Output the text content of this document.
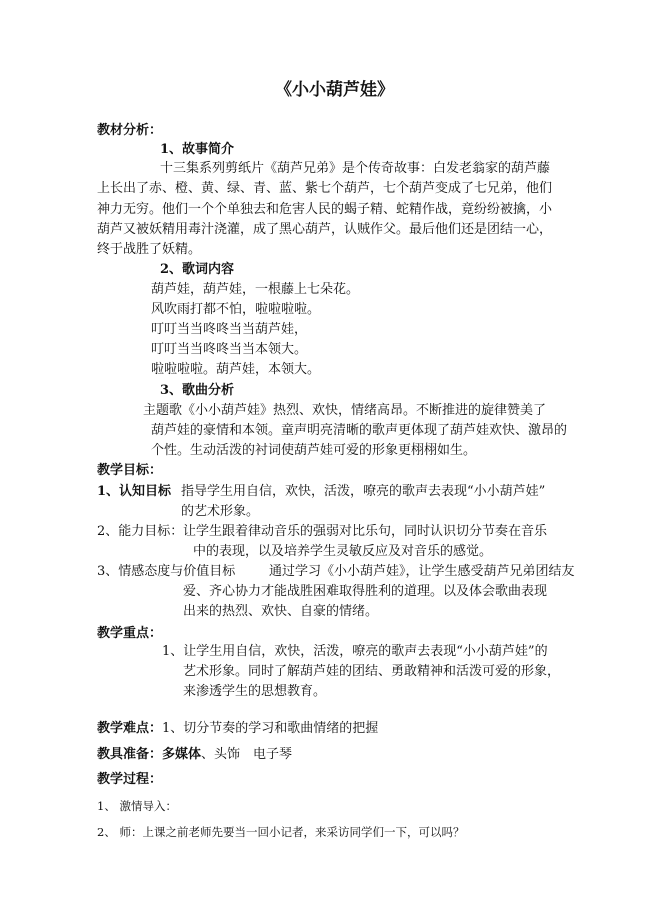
《小小葫芦娃》
教材分析：
1、故事简介
十三集系列剪纸片《葫芦兄弟》是个传奇故事：白发老翁家的葫芦藤
上长出了赤、橙、黄、绿、青、蓝、紫七个葫芦，七个葫芦变成了七兄弟，他们
神力无穷。他们一个个单独去和危害人民的蝎子精、蛇精作战，竟纷纷被擒，小
葫芦又被妖精用毒汁浇灌，成了黑心葫芦，认贼作父。最后他们还是团结一心，
终于战胜了妖精。
2、歌词内容
葫芦娃，葫芦娃，一根藤上七朵花。
风吹雨打都不怕，啦啦啦啦。
叮叮当当咚咚当当葫芦娃，
叮叮当当咚咚当当本领大。
啦啦啦啦。葫芦娃，本领大。
3、歌曲分析
主题歌《小小葫芦娃》热烈、欢快，情绪高昂。不断推进的旋律赞美了
葫芦娃的豪情和本领。童声明亮清晰的歌声更体现了葫芦娃欢快、激昂的
个性。生动活泼的衬词使葫芦娃可爱的形象更栩栩如生。
教学目标：
1、认知目标 指导学生用自信，欢快，活泼，嘹亮的歌声去表现“小小葫芦娃”
的艺术形象。
2、能力目标： 让学生跟着律动音乐的强弱对比乐句，同时认识切分节奏在音乐
中的表现，以及培养学生灵敏反应及对音乐的感觉。
3、情感态度与价值目标	通过学习《小小葫芦娃》，让学生感受葫芦兄弟团结友
爱、齐心协力才能战胜困难取得胜利的道理。以及体会歌曲表现
出来的热烈、欢快、自豪的情绪。
教学重点：
1、让学生用自信，欢快，活泼，嘹亮的歌声去表现“小小葫芦娃”的
艺术形象。同时了解葫芦娃的团结、勇敢精神和活泼可爱的形象，
来渗透学生的思想教育。
教学难点： 1、切分节奏的学习和歌曲情绪的把握
教具准备：多媒体、头饰　电子琴
教学过程：
1、 激情导入：
2、 师：上课之前老师先要当一回小记者，来采访同学们一下，可以吗？
